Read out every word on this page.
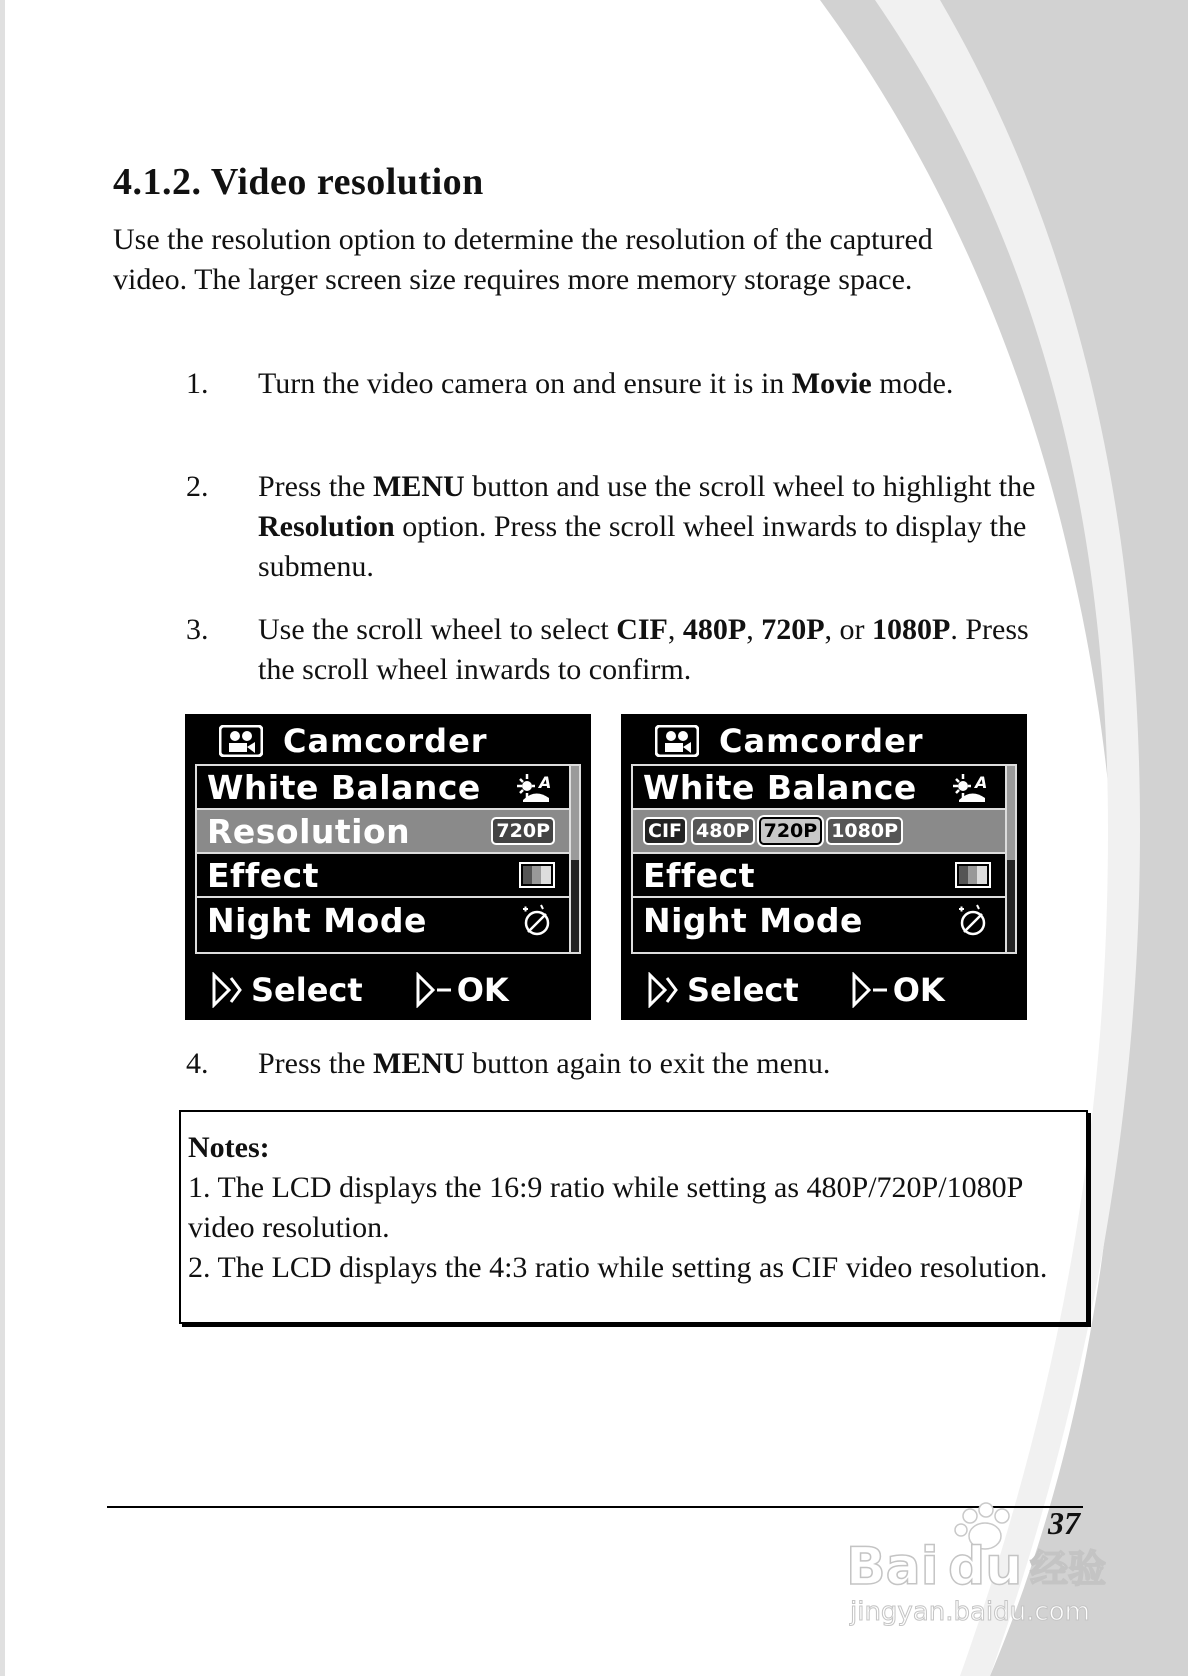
4.1.2. Video resolution

Use the resolution option to determine the resolution of the captured video. The larger screen size requires more memory storage space.

1.	Turn the video camera on and ensure it is in Movie mode.
2.	Press the MENU button and use the scroll wheel to highlight the Resolution option. Press the scroll wheel inwards to display the submenu.
3.	Use the scroll wheel to select CIF, 480P, 720P, or 1080P. Press the scroll wheel inwards to confirm.
Camcorder
White Balance	A
Resolution	720P
Effect
Night Mode
Select	OK
Camcorder
White Balance	A
CIF 480P 720P 1080P
Effect
Night Mode
Select	OK
4.	Press the MENU button again to exit the menu.

Notes:

1. The LCD displays the 16:9 ratio while setting as 480P/720P/1080P video resolution.

2. The LCD displays the 4:3 ratio while setting as CIF video resolution.

37
Bai du 经验
jingyan.baidu.com
